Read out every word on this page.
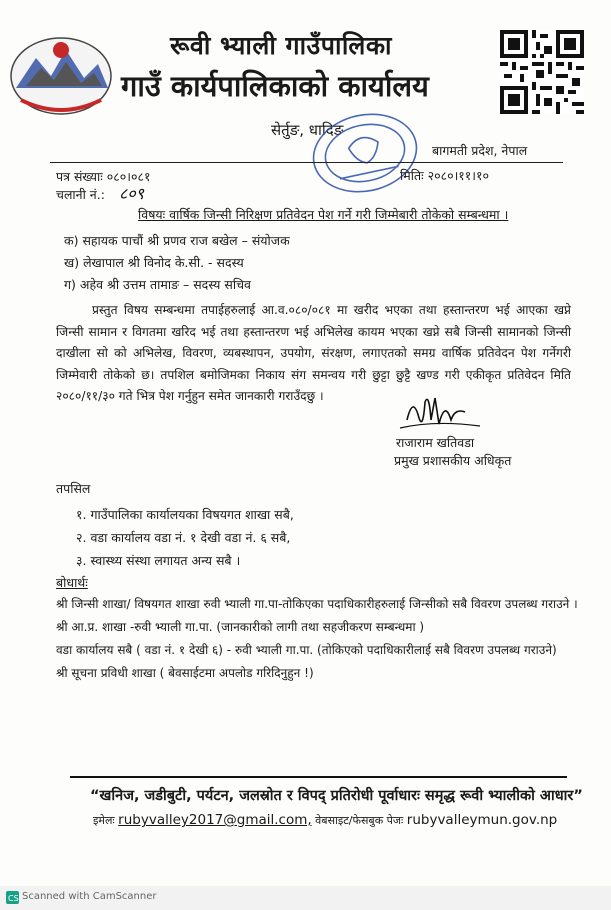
रूवी भ्याली गाउँपालिका
गाउँ कार्यपालिकाको कार्यालय
सेर्तुङ, धादिङ
बागमती प्रदेश, नेपाल
पत्र संख्याः ०८०।०८१
चलानी नं.: ८०९
मितिः २०८०।११।१०
विषयः वार्षिक जिन्सी निरिक्षण प्रतिवेदन पेश गर्ने गरी जिम्मेबारी तोकेको सम्बन्धमा ।
क) सहायक पाचौं श्री प्रणव राज बखेल – संयोजक
ख) लेखापाल श्री विनोद के.सी. - सदस्य
ग) अहेव श्री उत्तम तामाङ – सदस्य सचिव
प्रस्तुत विषय सम्बन्धमा तपाईहरुलाई आ.व.०८०/०८१ मा खरीद भएका तथा हस्तान्तरण भई आएका खप्ने जिन्सी सामान र विगतमा खरिद भई तथा हस्तान्तरण भई अभिलेख कायम भएका खप्ने सबै जिन्सी सामानको जिन्सी दाखीला सो को अभिलेख, विवरण, व्यबस्थापन, उपयोग, संरक्षण, लगाएतको समग्र वार्षिक प्रतिवेदन पेश गर्नेगरी जिम्मेवारी तोकेको छ। तपशिल बमोजिमका निकाय संग समन्वय गरी छुट्टा छुट्टै खण्ड गरी एकीकृत प्रतिवेदन मिति २०८०/११/३० गते भित्र पेश गर्नुहुन समेत जानकारी गराउँदछु ।
राजाराम खतिवडा
प्रमुख प्रशासकीय अधिकृत
तपसिल
१. गाउँपालिका कार्यालयका विषयगत शाखा सबै,
२. वडा कार्यालय वडा नं. १ देखी वडा नं. ६ सबै,
३. स्वास्थ्य संस्था लगायत अन्य सबै ।
बोधार्थः
श्री जिन्सी शाखा/ विषयगत शाखा रुवी भ्याली गा.पा-तोकिएका पदाधिकारीहरुलाई जिन्सीको सबै विवरण उपलब्ध गराउने ।
श्री आ.प्र. शाखा -रुवी भ्याली गा.पा. (जानकारीको लागी तथा सहजीकरण सम्बन्धमा )
वडा कार्यालय सबै ( वडा नं. १ देखी ६) - रुवी भ्याली गा.पा. (तोकिएको पदाधिकारीलाई सबै विवरण उपलब्ध गराउने)
श्री सूचना प्रविधी शाखा ( बेवसाईटमा अपलोड गरिदिनुहुन !)
“खनिज, जडीबुटी, पर्यटन, जलस्रोत र विपद् प्रतिरोधी पूर्वाधारः समृद्ध रूवी भ्यालीको आधार”
इमेलः rubyvalley2017@gmail.com, वेबसाइट/फेसबुक पेजः rubyvalleymun.gov.np
CS Scanned with CamScanner
